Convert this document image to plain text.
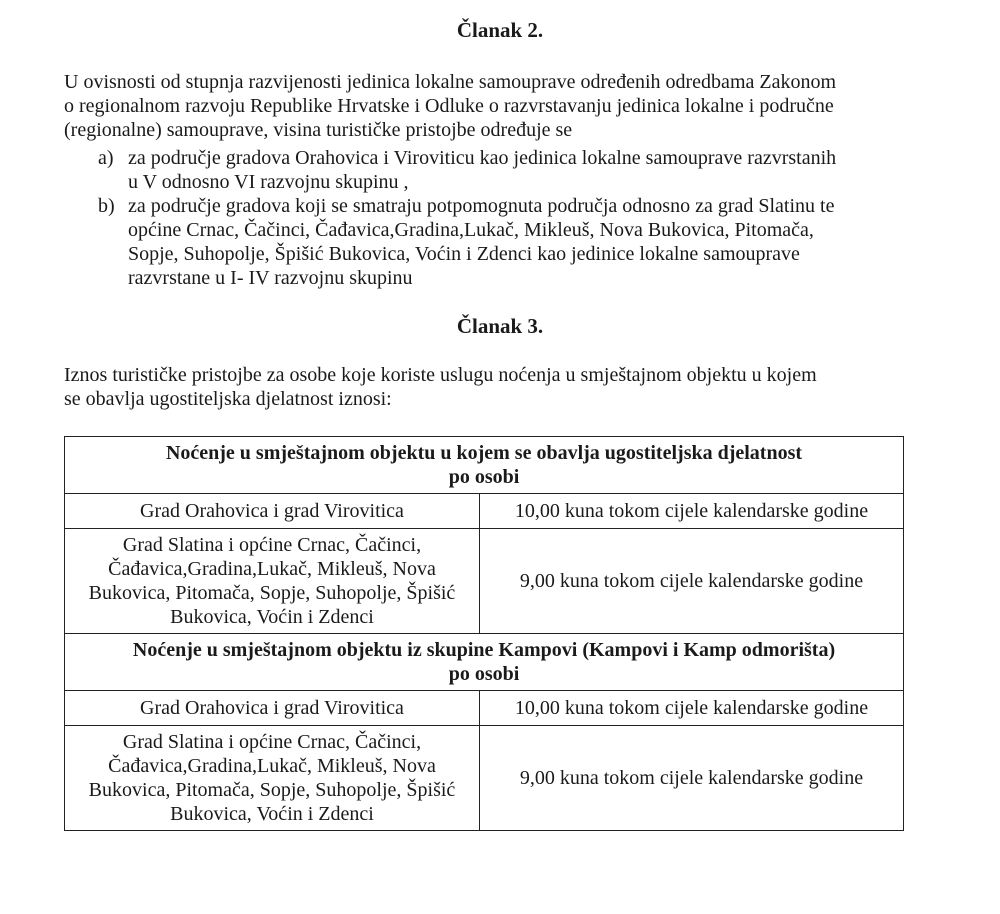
Članak 2.

U ovisnosti od stupnja razvijenosti jedinica lokalne samouprave određenih odredbama Zakonom
o regionalnom razvoju Republike Hrvatske i Odluke o razvrstavanju jedinica lokalne i područne
(regionalne) samouprave, visina turističke pristojbe određuje se

a) za područje gradova Orahovica i Viroviticu kao jedinica lokalne samouprave razvrstanih
u V odnosno VI razvojnu skupinu ,
b) za područje gradova koji se smatraju potpomognuta područja odnosno za grad Slatinu te
općine Crnac, Čačinci, Čađavica,Gradina,Lukač, Mikleuš, Nova Bukovica, Pitomača,
Sopje, Suhopolje, Špišić Bukovica, Voćin i Zdenci kao jedinice lokalne samouprave
razvrstane u I- IV razvojnu skupinu
Članak 3.

Iznos turističke pristojbe za osobe koje koriste uslugu noćenja u smještajnom objektu u kojem
se obavlja ugostiteljska djelatnost iznosi:

Noćenje u smještajnom objektu u kojem se obavlja ugostiteljska djelatnost
po osobi	

Grad Orahovica i grad Virovitica	10,00 kuna tokom cijele kalendarske godine

Grad Slatina i općine Crnac, Čačinci,
Čađavica,Gradina,Lukač, Mikleuš, Nova
Bukovica, Pitomača, Sopje, Suhopolje, Špišić
Bukovica, Voćin i Zdenci	9,00 kuna tokom cijele kalendarske godine

Noćenje u smještajnom objektu iz skupine Kampovi (Kampovi i Kamp odmorišta)
po osobi	

Grad Orahovica i grad Virovitica	10,00 kuna tokom cijele kalendarske godine

Grad Slatina i općine Crnac, Čačinci,
Čađavica,Gradina,Lukač, Mikleuš, Nova
Bukovica, Pitomača, Sopje, Suhopolje, Špišić
Bukovica, Voćin i Zdenci	9,00 kuna tokom cijele kalendarske godine
